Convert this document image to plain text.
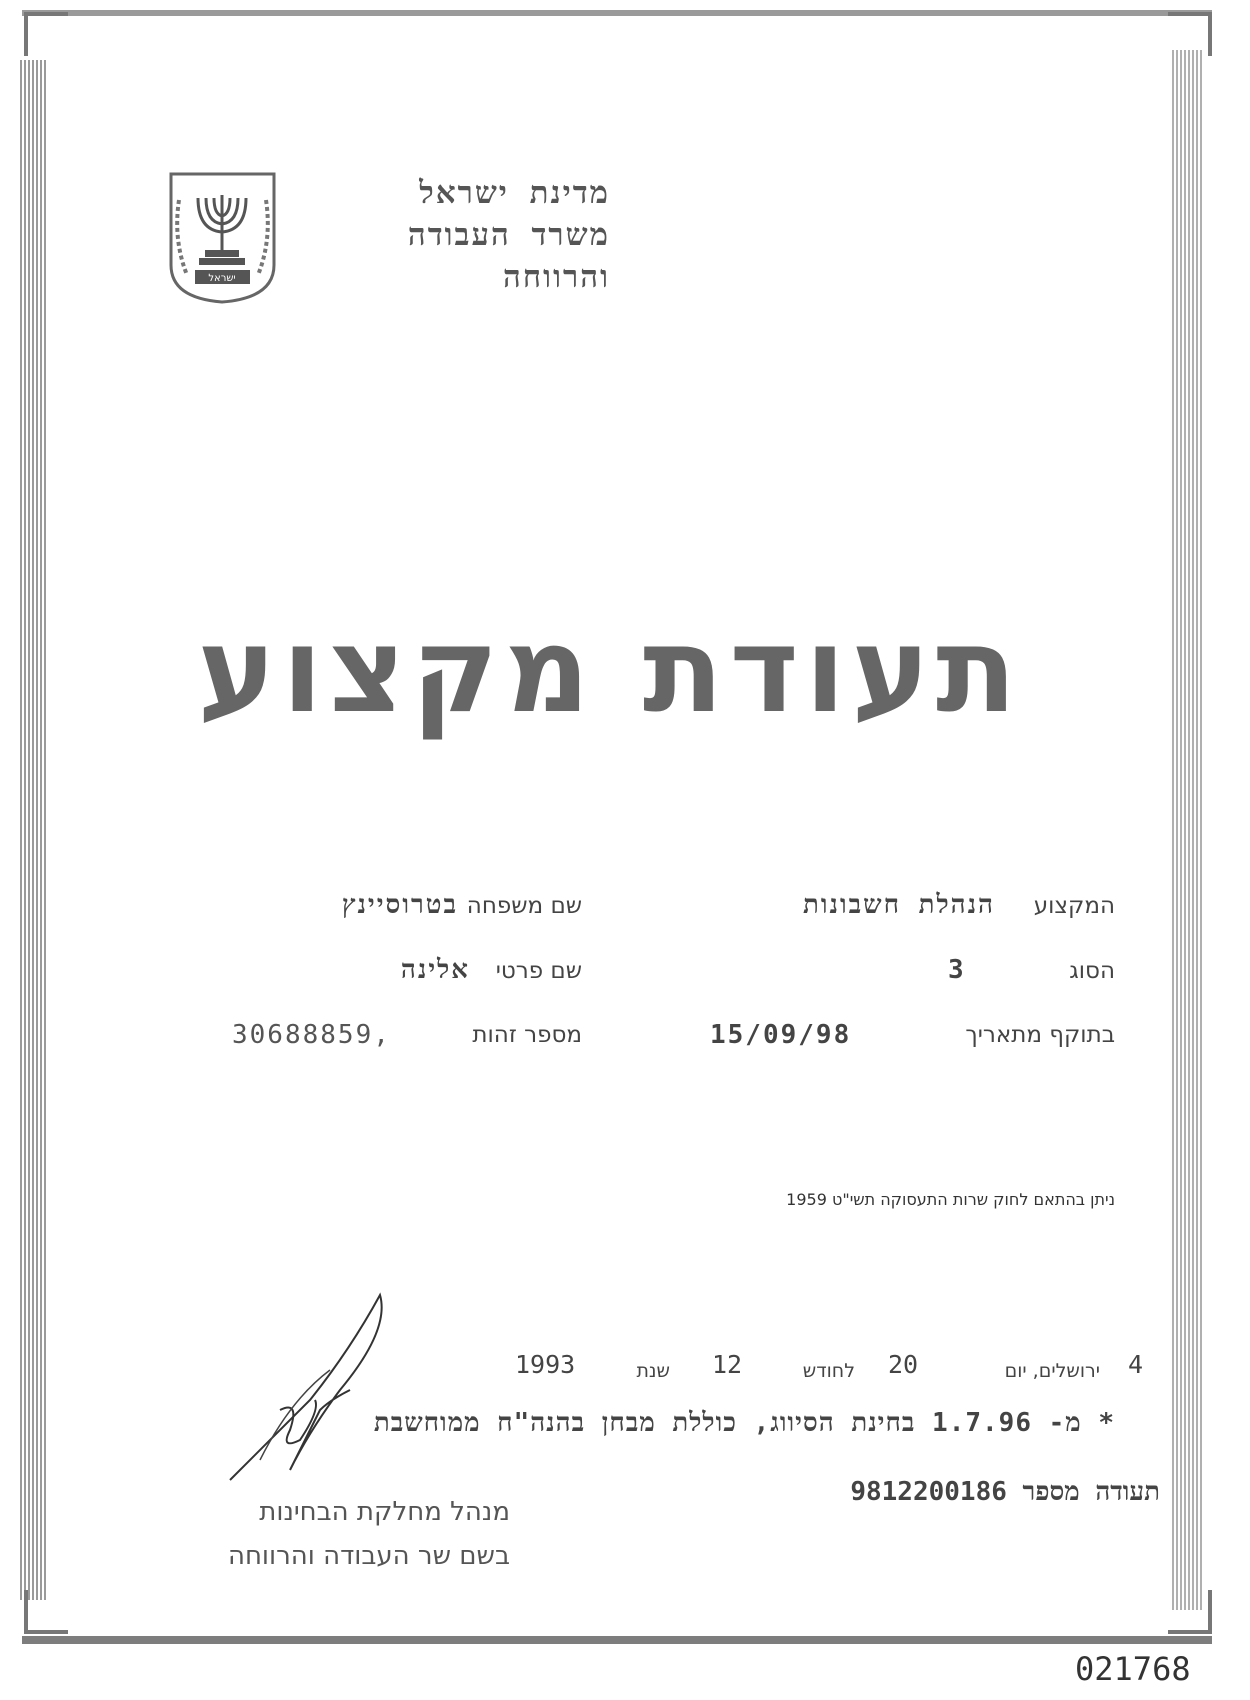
ישראל
מדינת ישראל
משרד העבודה
והרווחה
תעודת מקצוע
המקצוע
הנהלת חשבונות
הסוג
3
בתוקף מתאריך
15/09/98
שם משפחה
בטרוסיינץ
שם פרטי
אלינה
מספר זהות
30688859,
ניתן בהתאם לחוק שרות התעסוקה תשי"ט 1959
4
ירושלים, יום
20
לחודש
12
שנת
1993
* מ- 1.7.96 בחינת הסיווג, כוללת מבחן בהנה"ח ממוחשבת
תעודה מספר 9812200186
מנהל מחלקת הבחינות
בשם שר העבודה והרווחה
021768
